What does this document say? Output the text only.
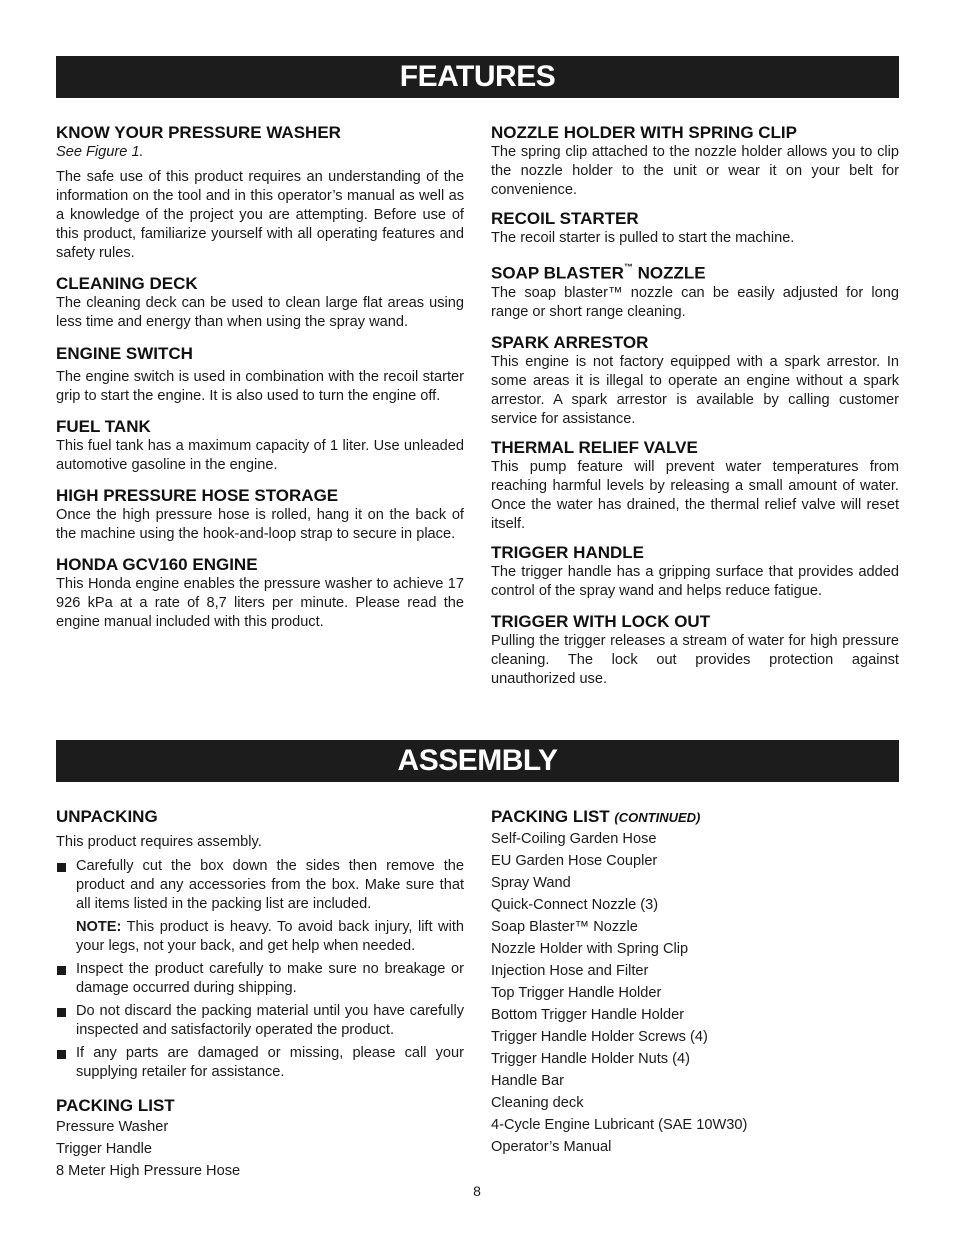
FEATURES
KNOW YOUR PRESSURE WASHER

See Figure 1.

The safe use of this product requires an understanding of the information on the tool and in this operator’s manual as well as a knowledge of the project you are attempting. Before use of this product, familiarize yourself with all operating features and safety rules.

CLEANING DECK

The cleaning deck can be used to clean large flat areas using less time and energy than when using the spray wand.

ENGINE SWITCH

The engine switch is used in combination with the recoil starter grip to start the engine. It is also used to turn the engine off.

FUEL TANK

This fuel tank has a maximum capacity of 1 liter. Use unleaded automotive gasoline in the engine.

HIGH PRESSURE HOSE STORAGE

Once the high pressure hose is rolled, hang it on the back of the machine using the hook-and-loop strap to secure in place.

HONDA GCV160 ENGINE

This Honda engine enables the pressure washer to achieve 17 926 kPa at a rate of 8,7 liters per minute. Please read the engine manual included with this product.

NOZZLE HOLDER WITH SPRING CLIP

The spring clip attached to the nozzle holder allows you to clip the nozzle holder to the unit or wear it on your belt for convenience.

RECOIL STARTER

The recoil starter is pulled to start the machine.

SOAP BLASTER™ NOZZLE

The soap blaster™ nozzle can be easily adjusted for long range or short range cleaning.

SPARK ARRESTOR

This engine is not factory equipped with a spark arrestor. In some areas it is illegal to operate an engine without a spark arrestor. A spark arrestor is available by calling customer service for assistance.

THERMAL RELIEF VALVE

This pump feature will prevent water temperatures from reaching harmful levels by releasing a small amount of water. Once the water has drained, the thermal relief valve will reset itself.

TRIGGER HANDLE

The trigger handle has a gripping surface that provides added control of the spray wand and helps reduce fatigue.

TRIGGER WITH LOCK OUT

Pulling the trigger releases a stream of water for high pressure cleaning. The lock out provides protection against unauthorized use.

ASSEMBLY
UNPACKING

This product requires assembly.

Carefully cut the box down the sides then remove the product and any accessories from the box. Make sure that all items listed in the packing list are included.
NOTE: This product is heavy. To avoid back injury, lift with your legs, not your back, and get help when needed.
Inspect the product carefully to make sure no breakage or damage occurred during shipping.
Do not discard the packing material until you have carefully inspected and satisfactorily operated the product.
If any parts are damaged or missing, please call your supplying retailer for assistance.
PACKING LIST
Pressure Washer
Trigger Handle
8 Meter High Pressure Hose
PACKING LIST (CONTINUED)
Self-Coiling Garden Hose
EU Garden Hose Coupler
Spray Wand
Quick-Connect Nozzle (3)
Soap Blaster™ Nozzle
Nozzle Holder with Spring Clip
Injection Hose and Filter
Top Trigger Handle Holder
Bottom Trigger Handle Holder
Trigger Handle Holder Screws (4)
Trigger Handle Holder Nuts (4)
Handle Bar
Cleaning deck
4-Cycle Engine Lubricant (SAE 10W30)
Operator’s Manual
8
